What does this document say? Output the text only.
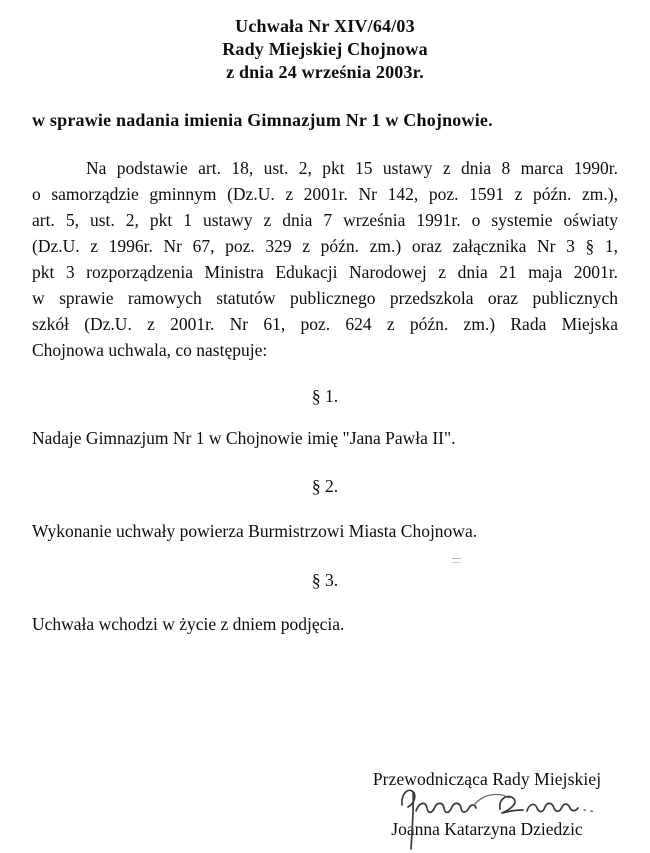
Uchwała Nr XIV/64/03
Rady Miejskiej Chojnowa
z dnia 24 września 2003r.
w sprawie nadania imienia Gimnazjum Nr 1 w Chojnowie.
Na podstawie art. 18, ust. 2, pkt 15 ustawy z dnia 8 marca 1990r.
o samorządzie gminnym (Dz.U. z 2001r. Nr 142, poz. 1591 z późn. zm.),
art. 5, ust. 2, pkt 1 ustawy z dnia 7 września 1991r. o systemie oświaty
(Dz.U. z 1996r. Nr 67, poz. 329 z późn. zm.) oraz załącznika Nr 3 § 1,
pkt 3 rozporządzenia Ministra Edukacji Narodowej z dnia 21 maja 2001r.
w sprawie ramowych statutów publicznego przedszkola oraz publicznych
szkół (Dz.U. z 2001r. Nr 61, poz. 624 z późn. zm.) Rada Miejska
Chojnowa uchwala, co następuje:
§ 1.
Nadaje Gimnazjum Nr 1 w Chojnowie imię "Jana Pawła II".
§ 2.
Wykonanie uchwały powierza Burmistrzowi Miasta Chojnowa.
§ 3.
Uchwała wchodzi w życie z dniem podjęcia.
Przewodnicząca Rady Miejskiej
Joanna Katarzyna Dziedzic
